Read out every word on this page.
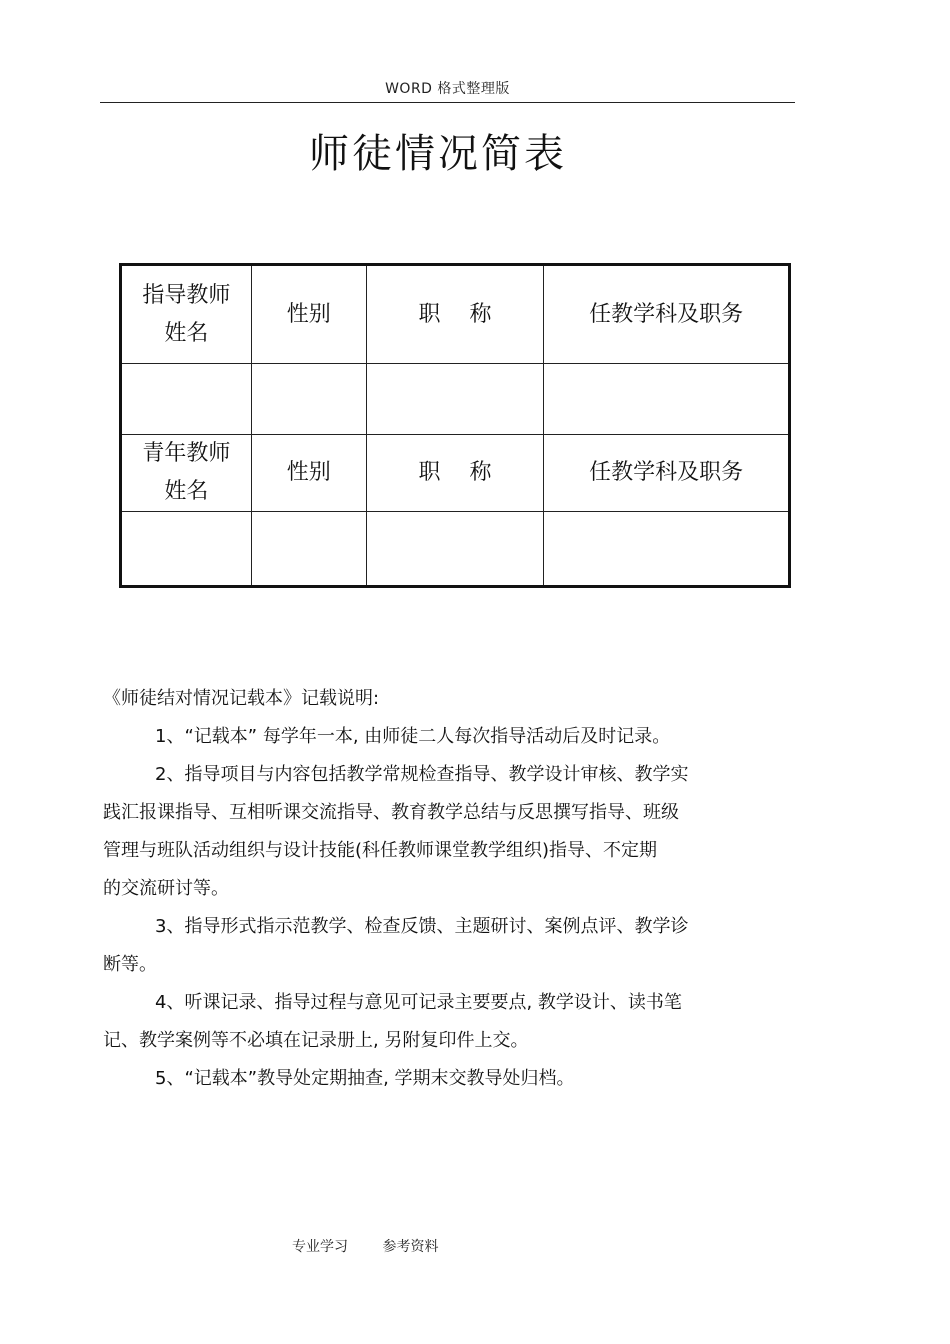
WORD 格式整理版
师徒情况简表
指导教师
姓名	性别	职　 称	任教学科及职务

青年教师
姓名	性别	职　 称	任教学科及职务

《师徒结对情况记载本》记载说明:

1、“记载本” 每学年一本, 由师徒二人每次指导活动后及时记录。

2、指导项目与内容包括教学常规检查指导、教学设计审核、教学实

践汇报课指导、互相听课交流指导、教育教学总结与反思撰写指导、班级

管理与班队活动组织与设计技能(科任教师课堂教学组织)指导、不定期

的交流研讨等。

3、指导形式指示范教学、检查反馈、主题研讨、案例点评、教学诊

断等。

4、听课记录、指导过程与意见可记录主要要点, 教学设计、读书笔

记、教学案例等不必填在记录册上, 另附复印件上交。

5、“记载本”教导处定期抽查, 学期末交教导处归档。

专业学习 参考资料
